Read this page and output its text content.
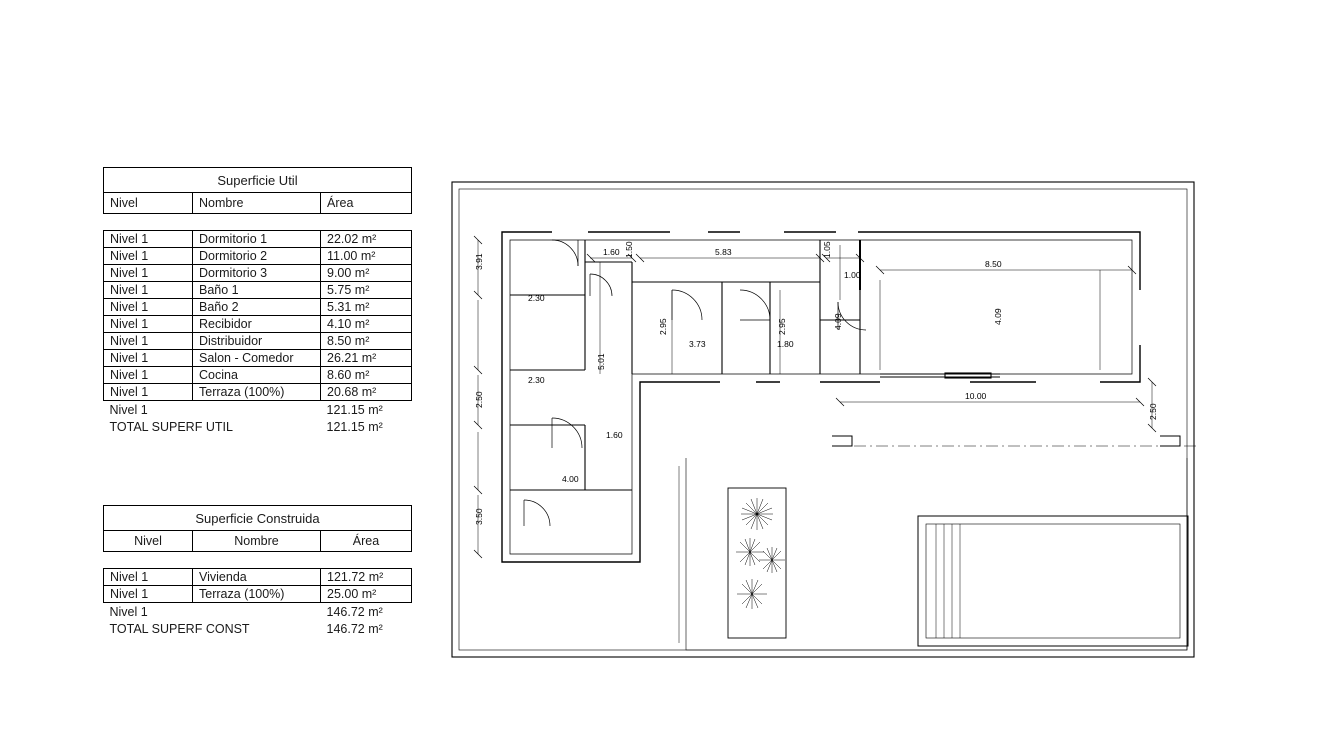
Superficie Util		
Nivel	Nombre	Área

Nivel 1	Dormitorio 1	22.02 m²
Nivel 1	Dormitorio 2	11.00 m²
Nivel 1	Dormitorio 3	9.00 m²
Nivel 1	Baño 1	5.75 m²
Nivel 1	Baño 2	5.31 m²
Nivel 1	Recibidor	4.10 m²
Nivel 1	Distribuidor	8.50 m²
Nivel 1	Salon - Comedor	26.21 m²
Nivel 1	Cocina	8.60 m²
Nivel 1	Terraza (100%)	20.68 m²
Nivel 1		121.15 m²
TOTAL SUPERF UTIL		121.15 m²
Superficie Construida		
Nivel	Nombre	Área

Nivel 1	Vivienda	121.72 m²
Nivel 1	Terraza (100%)	25.00 m²
Nivel 1		146.72 m²
TOTAL SUPERF CONST		146.72 m²
1.60 1.50	5.83	1.05
8.50
1.00
3.91
2.30
2.30
2.50
3.50
5.01
1.60
4.00
2.95
3.73
2.95
1.80
4.09	4.09
10.00
2.50
